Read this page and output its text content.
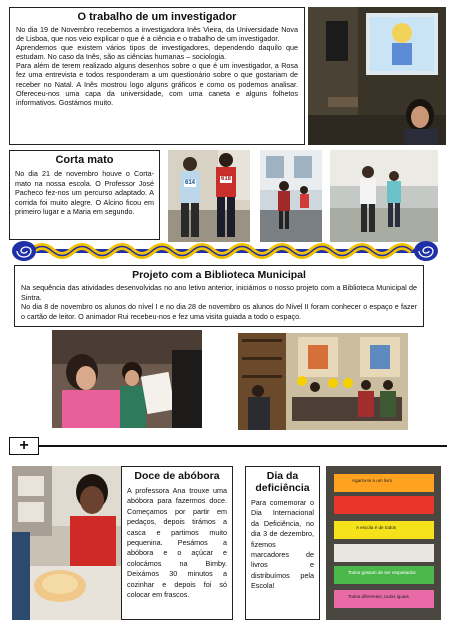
O trabalho de um investigador

No dia 19 de Novembro recebemos a investigadora Inês Vieira, da Universidade Nova de Lisboa, que nos veio explicar o que é a ciência e o trabalho de um investigador.

Aprendemos que existem vários tipos de investigadores, dependendo daquilo que estudam. No caso da Inês, são as ciências humanas – sociologia.

Para além de terem realizado alguns desenhos sobre o que é um investigador, a Rosa fez uma entrevista e todos responderam a um questionário sobre o que gostariam de receber no Natal. A Inês mostrou logo alguns gráficos e como os podemos analisar. Ofereceu-nos uma capa da universidade, com uma caneta e alguns folhetos informativos. Gostámos muito.

Corta mato

No dia 21 de novembro houve o Corta-mato na nossa escola. O Professor José Pacheco fez-nos um percurso adaptado. A corrida foi muito alegre. O Alcino ficou em primeiro lugar e a Maria em segundo.

614
618
Projeto com a Biblioteca Municipal

Na sequência das atividades desenvolvidas no ano letivo anterior, iniciámos o nosso projeto com a Biblioteca Municipal de Sintra.

No dia 8 de novembro os alunos do nível I e no dia 28 de novembro os alunos do Nível II foram conhecer o espaço e fazer o cartão de leitor. O animador Rui recebeu-nos e fez uma visita guiada a todo o espaço.

+
Doce de abóbora

A professora Ana trouxe uma abóbora para fazermos doce. Começamos por partir em pedaços, depois tirámos a casca e partimos muito pequenina. Pesámos a abóbora e o açúcar e colocámos na Bimby. Deixámos 30 minutos a cozinhar e depois foi só colocar em frascos.

Dia da
deficiência

Para comemorar o Dia Internacional da Deficiência, no dia 3 de dezembro, fizemos marcadores de livros e distribuímos pela Escola!

Agarra-te a um livro
A escola é de todos
Todos gostam de ser respeitados
Todos diferentes, todos iguais
